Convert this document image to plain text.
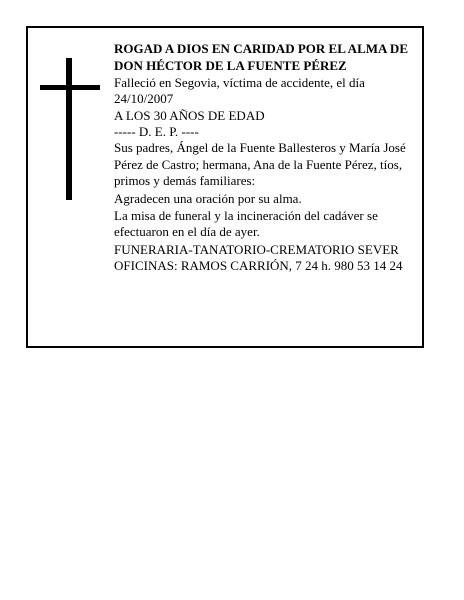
ROGAD A DIOS EN CARIDAD POR EL ALMA DE

DON HÉCTOR DE LA FUENTE PÉREZ

Falleció en Segovia, víctima de accidente, el día 24/10/2007

A LOS 30 AÑOS DE EDAD

----- D. E. P. ----

Sus padres, Ángel de la Fuente Ballesteros y María José Pérez de Castro; hermana, Ana de la Fuente Pérez, tíos, primos y demás familiares:

Agradecen una oración por su alma.

La misa de funeral y la incineración del cadáver se efectuaron en el día de ayer.

FUNERARIA-TANATORIO-CREMATORIO SEVER

OFICINAS: RAMOS CARRIÓN, 7 24 h. 980 53 14 24
